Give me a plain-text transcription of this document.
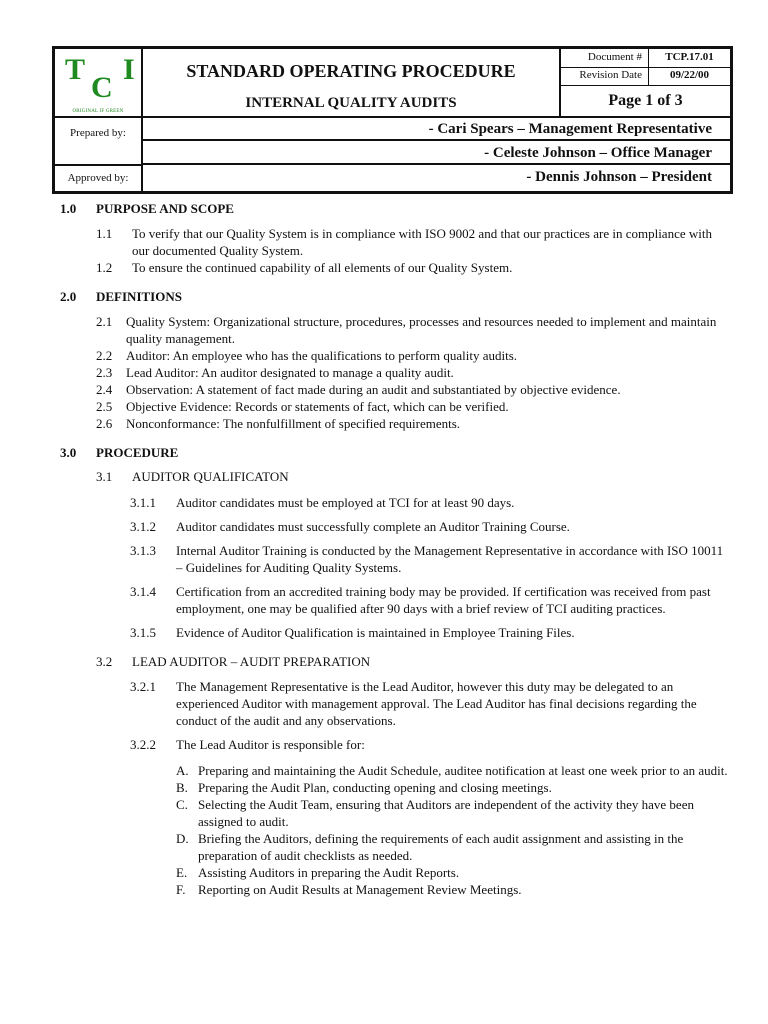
T
C
I
ORIGINAL IF GREEN
STANDARD OPERATING PROCEDURE
INTERNAL QUALITY AUDITS
Document #	TCP.17.01
Revision Date	09/22/00
Page 1 of 3
Prepared by:	- Cari Spears – Management Representative
- Celeste Johnson – Office Manager
Approved by:	- Dennis Johnson – President

1.0 PURPOSE AND SCOPE

1.1 To verify that our Quality System is in compliance with ISO 9002 and that our practices are in compliance with our documented Quality System.

1.2 To ensure the continued capability of all elements of our Quality System.

2.0 DEFINITIONS

2.1 Quality System: Organizational structure, procedures, processes and resources needed to implement and maintain quality management.

2.2 Auditor: An employee who has the qualifications to perform quality audits.

2.3 Lead Auditor: An auditor designated to manage a quality audit.

2.4 Observation: A statement of fact made during an audit and substantiated by objective evidence.

2.5 Objective Evidence: Records or statements of fact, which can be verified.

2.6 Nonconformance: The nonfulfillment of specified requirements.

3.0 PROCEDURE

3.1 AUDITOR QUALIFICATON

3.1.1 Auditor candidates must be employed at TCI for at least 90 days.

3.1.2 Auditor candidates must successfully complete an Auditor Training Course.

3.1.3 Internal Auditor Training is conducted by the Management Representative in accordance with ISO 10011 – Guidelines for Auditing Quality Systems.

3.1.4 Certification from an accredited training body may be provided. If certification was received from past employment, one may be qualified after 90 days with a brief review of TCI auditing practices.

3.1.5 Evidence of Auditor Qualification is maintained in Employee Training Files.

3.2 LEAD AUDITOR – AUDIT PREPARATION

3.2.1 The Management Representative is the Lead Auditor, however this duty may be delegated to an experienced Auditor with management approval. The Lead Auditor has final decisions regarding the conduct of the audit and any observations.

3.2.2 The Lead Auditor is responsible for:

A. Preparing and maintaining the Audit Schedule, auditee notification at least one week prior to an audit.

B. Preparing the Audit Plan, conducting opening and closing meetings.

C. Selecting the Audit Team, ensuring that Auditors are independent of the activity they have been assigned to audit.

D. Briefing the Auditors, defining the requirements of each audit assignment and assisting in the preparation of audit checklists as needed.

E. Assisting Auditors in preparing the Audit Reports.

F. Reporting on Audit Results at Management Review Meetings.
